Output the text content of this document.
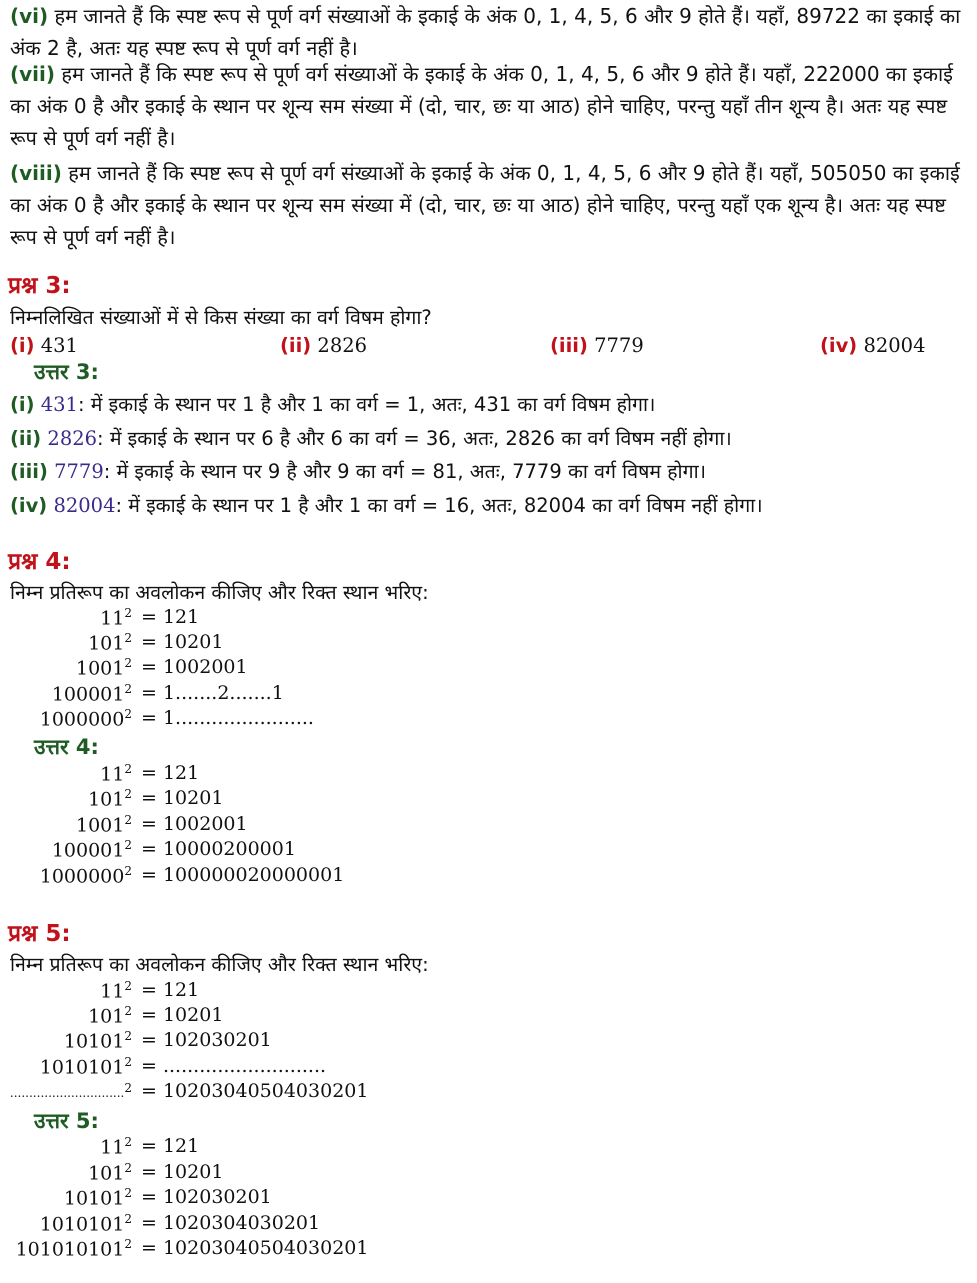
(vi) हम जानते हैं कि स्पष्ट रूप से पूर्ण वर्ग संख्याओं के इकाई के अंक 0, 1, 4, 5, 6 और 9 होते हैं। यहाँ, 89722 का इकाई का अंक 2 है, अतः यह स्पष्ट रूप से पूर्ण वर्ग नहीं है।
(vii) हम जानते हैं कि स्पष्ट रूप से पूर्ण वर्ग संख्याओं के इकाई के अंक 0, 1, 4, 5, 6 और 9 होते हैं। यहाँ, 222000 का इकाई का अंक 0 है और इकाई के स्थान पर शून्य सम संख्या में (दो, चार, छः या आठ) होने चाहिए, परन्तु यहाँ तीन शून्य है। अतः यह स्पष्ट रूप से पूर्ण वर्ग नहीं है।
(viii) हम जानते हैं कि स्पष्ट रूप से पूर्ण वर्ग संख्याओं के इकाई के अंक 0, 1, 4, 5, 6 और 9 होते हैं। यहाँ, 505050 का इकाई का अंक 0 है और इकाई के स्थान पर शून्य सम संख्या में (दो, चार, छः या आठ) होने चाहिए, परन्तु यहाँ एक शून्य है। अतः यह स्पष्ट रूप से पूर्ण वर्ग नहीं है।
प्रश्न 3:
निम्नलिखित संख्याओं में से किस संख्या का वर्ग विषम होगा?
(i) 431	(ii) 2826	(iii) 7779	(iv) 82004
उत्तर 3:
(i) 431: में इकाई के स्थान पर 1 है और 1 का वर्ग = 1, अतः, 431 का वर्ग विषम होगा।
(ii) 2826: में इकाई के स्थान पर 6 है और 6 का वर्ग = 36, अतः, 2826 का वर्ग विषम नहीं होगा।
(iii) 7779: में इकाई के स्थान पर 9 है और 9 का वर्ग = 81, अतः, 7779 का वर्ग विषम होगा।
(iv) 82004: में इकाई के स्थान पर 1 है और 1 का वर्ग = 16, अतः, 82004 का वर्ग विषम नहीं होगा।
प्रश्न 4:
निम्न प्रतिरूप का अवलोकन कीजिए और रिक्त स्थान भरिए:
$11^2 = 121$
$101^2 = 10201$
$1001^2 = 1002001$
$100001^2 = 1.......2.......1$
$1000000^2 = 1$.......................
उत्तर 4:
$11^2 = 121$
$101^2 = 10201$
$1001^2 = 1002001$
$100001^2 = 10000200001$
$1000000^2 = 100000020000001$
प्रश्न 5:
निम्न प्रतिरूप का अवलोकन कीजिए और रिक्त स्थान भरिए:
$11^2 = 121$
$101^2 = 10201$
$10101^2 = 102030201$
$1010101^2$ = ...........................
..............................$^2$ = 10203040504030201
उत्तर 5:
$11^2 = 121$
$101^2 = 10201$
$10101^2 = 102030201$
$1010101^2 = 1020304030201$
$101010101^2 = 10203040504030201$
